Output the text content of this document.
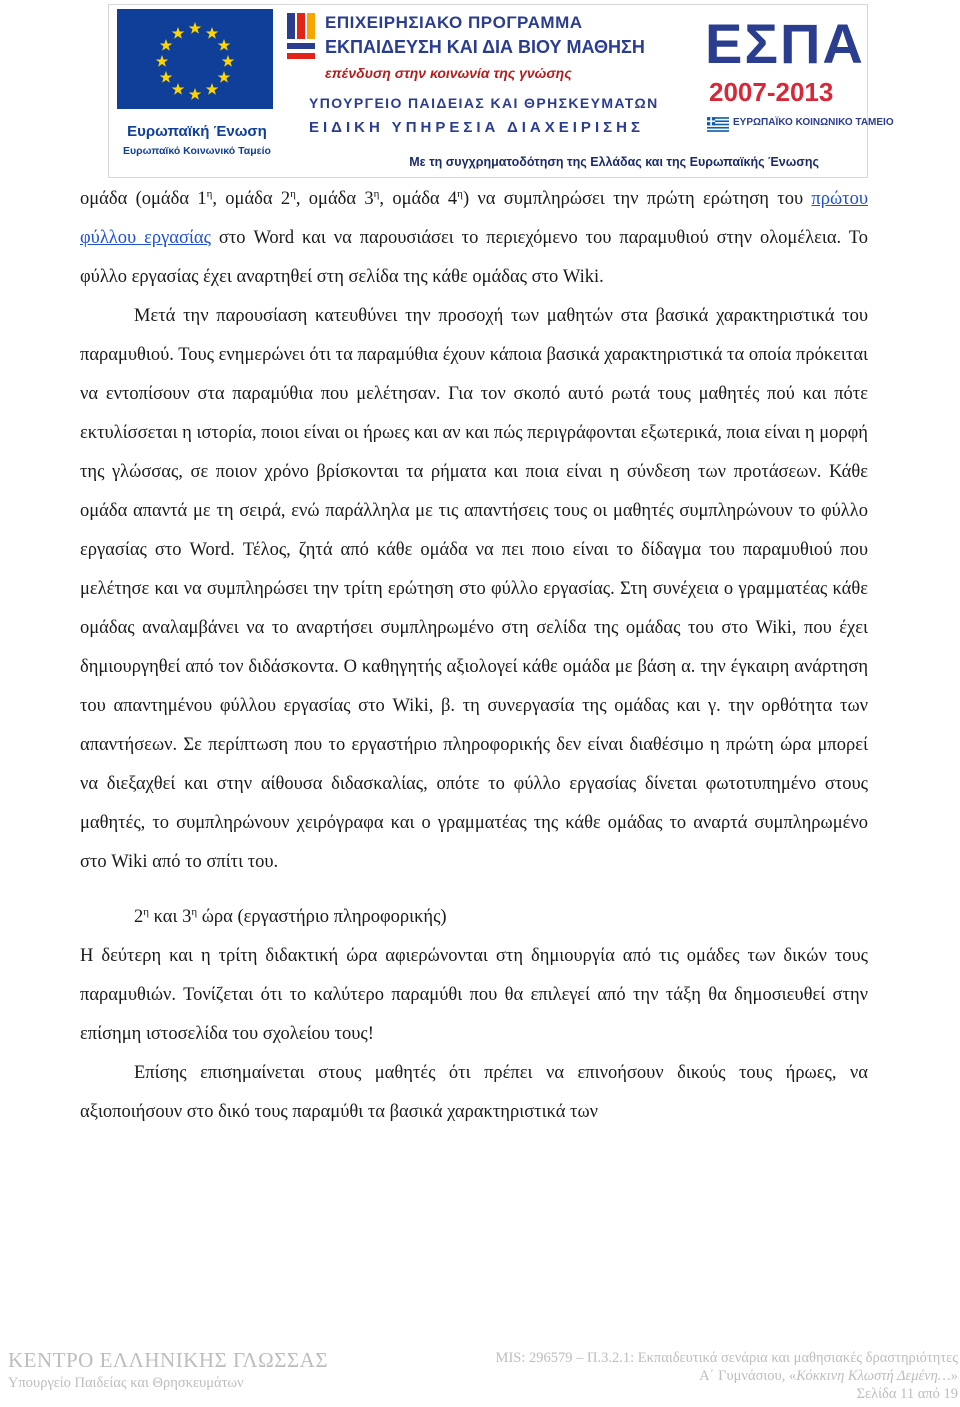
Ευρωπαϊκή Ένωση
Ευρωπαϊκό Κοινωνικό Ταμείο
ΕΠΙΧΕΙΡΗΣΙΑΚΟ ΠΡΟΓΡΑΜΜΑ
ΕΚΠΑΙΔΕΥΣΗ ΚΑΙ ΔΙΑ ΒΙΟΥ ΜΑΘΗΣΗ
επένδυση στην κοινωνία της γνώσης
ΥΠΟΥΡΓΕΙΟ ΠΑΙΔΕΙΑΣ ΚΑΙ ΘΡΗΣΚΕΥΜΑΤΩΝ
ΕΙΔΙΚΗ ΥΠΗΡΕΣΙΑ ΔΙΑΧΕΙΡΙΣΗΣ
ΕΣΠΑ
2007-2013
ΕΥΡΩΠΑΪΚΟ ΚΟΙΝΩΝΙΚΟ ΤΑΜΕΙΟ
Με τη συγχρηματοδότηση της Ελλάδας και της Ευρωπαϊκής Ένωσης

ομάδα (ομάδα $1^\eta$, ομάδα $2^\eta$, ομάδα $3^\eta$, ομάδα $4^\eta$) να συμπληρώσει την πρώτη ερώτηση του πρώτου φύλλου εργασίας στο Word και να παρουσιάσει το περιεχόμενο του παραμυθιού στην ολομέλεια. Το φύλλο εργασίας έχει αναρτηθεί στη σελίδα της κάθε ομάδας στο Wiki.

Μετά την παρουσίαση κατευθύνει την προσοχή των μαθητών στα βασικά χαρακτηριστικά του παραμυθιού. Τους ενημερώνει ότι τα παραμύθια έχουν κάποια βασικά χαρακτηριστικά τα οποία πρόκειται να εντοπίσουν στα παραμύθια που μελέτησαν. Για τον σκοπό αυτό ρωτά τους μαθητές πού και πότε εκτυλίσσεται η ιστορία, ποιοι είναι οι ήρωες και αν και πώς περιγράφονται εξωτερικά, ποια είναι η μορφή της γλώσσας, σε ποιον χρόνο βρίσκονται τα ρήματα και ποια είναι η σύνδεση των προτάσεων. Κάθε ομάδα απαντά με τη σειρά, ενώ παράλληλα με τις απαντήσεις τους οι μαθητές συμπληρώνουν το φύλλο εργασίας στο Word. Τέλος, ζητά από κάθε ομάδα να πει ποιο είναι το δίδαγμα του παραμυθιού που μελέτησε και να συμπληρώσει την τρίτη ερώτηση στο φύλλο εργασίας. Στη συνέχεια ο γραμματέας κάθε ομάδας αναλαμβάνει να το αναρτήσει συμπληρωμένο στη σελίδα της ομάδας του στο Wiki, που έχει δημιουργηθεί από τον διδάσκοντα. Ο καθηγητής αξιολογεί κάθε ομάδα με βάση α. την έγκαιρη ανάρτηση του απαντημένου φύλλου εργασίας στο Wiki, β. τη συνεργασία της ομάδας και γ. την ορθότητα των απαντήσεων. Σε περίπτωση που το εργαστήριο πληροφορικής δεν είναι διαθέσιμο η πρώτη ώρα μπορεί να διεξαχθεί και στην αίθουσα διδασκαλίας, οπότε το φύλλο εργασίας δίνεται φωτοτυπημένο στους μαθητές, το συμπληρώνουν χειρόγραφα και ο γραμματέας της κάθε ομάδας το αναρτά συμπληρωμένο στο Wiki από το σπίτι του.

$2^\eta$ και $3^\eta$ ώρα (εργαστήριο πληροφορικής)

Η δεύτερη και η τρίτη διδακτική ώρα αφιερώνονται στη δημιουργία από τις ομάδες των δικών τους παραμυθιών. Τονίζεται ότι το καλύτερο παραμύθι που θα επιλεγεί από την τάξη θα δημοσιευθεί στην επίσημη ιστοσελίδα του σχολείου τους!

Επίσης επισημαίνεται στους μαθητές ότι πρέπει να επινοήσουν δικούς τους ήρωες, να αξιοποιήσουν στο δικό τους παραμύθι τα βασικά χαρακτηριστικά των

ΚΕΝΤΡΟ ΕΛΛΗΝΙΚΗΣ ΓΛΩΣΣΑΣ
Υπουργείο Παιδείας και Θρησκευμάτων
MIS: 296579 – Π.3.2.1: Εκπαιδευτικά σενάρια και μαθησιακές δραστηριότητες
Α΄ Γυμνάσιου, «Κόκκινη Κλωστή Δεμένη…»
Σελίδα 11 από 19
